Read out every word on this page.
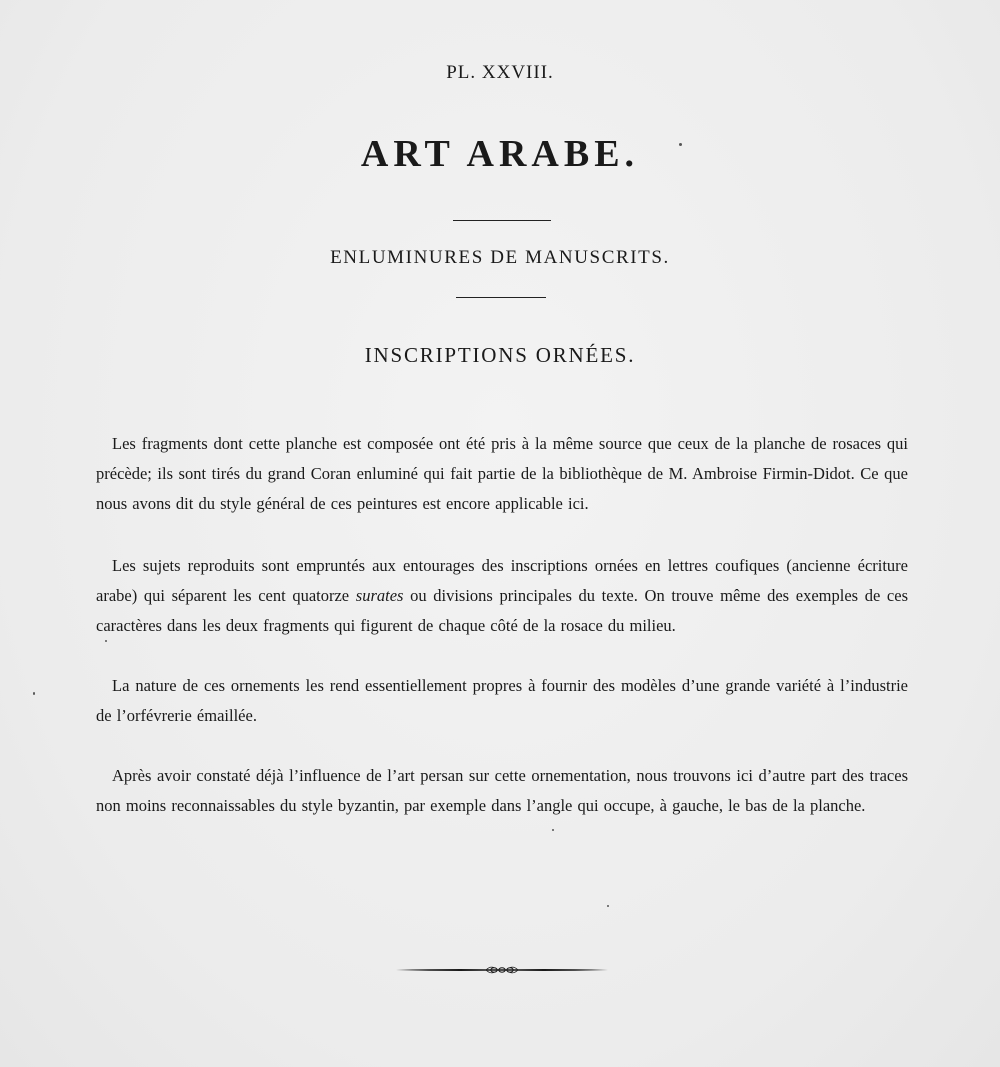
PL. XXVIII.
ART ARABE.
ENLUMINURES DE MANUSCRITS.
INSCRIPTIONS ORNÉES.

Les fragments dont cette planche est composée ont été pris à la même source que ceux de la planche de rosaces qui précède; ils sont tirés du grand Coran enluminé qui fait partie de la bibliothèque de M. Ambroise Firmin-Didot. Ce que nous avons dit du style général de ces peintures est encore applicable ici.

Les sujets reproduits sont empruntés aux entourages des inscriptions ornées en lettres coufiques (ancienne écriture arabe) qui séparent les cent quatorze surates ou divisions principales du texte. On trouve même des exemples de ces caractères dans les deux fragments qui figurent de chaque côté de la rosace du milieu.

La nature de ces ornements les rend essentiellement propres à fournir des modèles d’une grande variété à l’industrie de l’orfévrerie émaillée.

Après avoir constaté déjà l’influence de l’art persan sur cette ornementation, nous trouvons ici d’autre part des traces non moins reconnaissables du style byzantin, par exemple dans l’angle qui occupe, à gauche, le bas de la planche.
